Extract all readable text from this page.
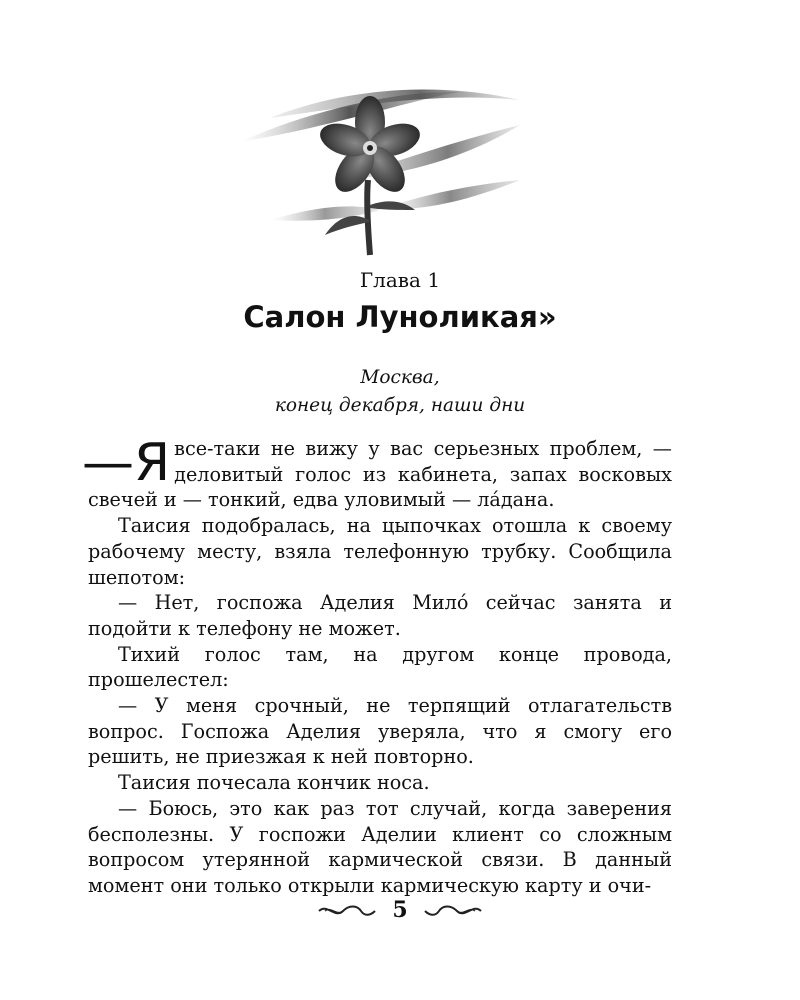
Глава 1
Салон Луноликая»
Москва,
конец декабря, наши дни

—Я все-таки не вижу у вас серьезных проблем, — деловитый голос из кабинета, запах восковых свечей и — тонкий, едва уловимый — ла́дана.

Таисия подобралась, на цыпочках отошла к своему рабочему месту, взяла телефонную трубку. Сообщила шепотом:

— Нет, госпожа Аделия Мило́ сейчас занята и подойти к телефону не может.

Тихий голос там, на другом конце провода, прошелестел:

— У меня срочный, не терпящий отлагательств вопрос. Госпожа Аделия уверяла, что я смогу его решить, не приезжая к ней повторно.

Таисия почесала кончик носа.

— Боюсь, это как раз тот случай, когда заверения бесполезны. У госпожи Аделии клиент со сложным вопросом утерянной кармической связи. В данный момент они только открыли кармическую карту и очи-

5
